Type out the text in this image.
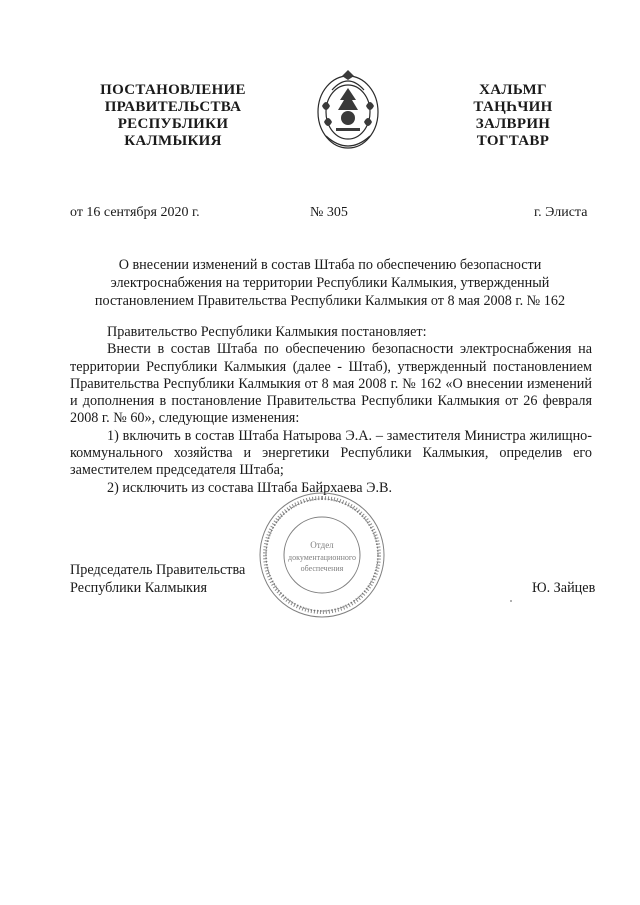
ПОСТАНОВЛЕНИЕ
ПРАВИТЕЛЬСТВА
РЕСПУБЛИКИ
КАЛМЫКИЯ
ХАЛЬМГ
ТАҢҺЧИН
ЗАЛВРИН
ТОГТАВР
от 16 сентября 2020 г.	№ 305	г. Элиста
О внесении изменений в состав Штаба по обеспечению безопасности
электроснабжения на территории Республики Калмыкия, утвержденный
постановлением Правительства Республики Калмыкия от 8 мая 2008 г. № 162

Правительство Республики Калмыкия постановляет:

Внести в состав Штаба по обеспечению безопасности электроснабжения на территории Республики Калмыкия (далее - Штаб), утвержденный постановлением Правительства Республики Калмыкия от 8 мая 2008 г. № 162 «О внесении изменений и дополнения в постановление Правительства Республики Калмыкия от 26 февраля 2008 г. № 60», следующие изменения:

1) включить в состав Штаба Натырова Э.А. – заместителя Министра жилищно-коммунального хозяйства и энергетики Республики Калмыкия, определив его заместителем председателя Штаба;

2) исключить из состава Штаба Байрхаева Э.В.

Председатель Правительства
Республики Калмыкия	Ю. Зайцев
Отдел
документационного
обеспечения
